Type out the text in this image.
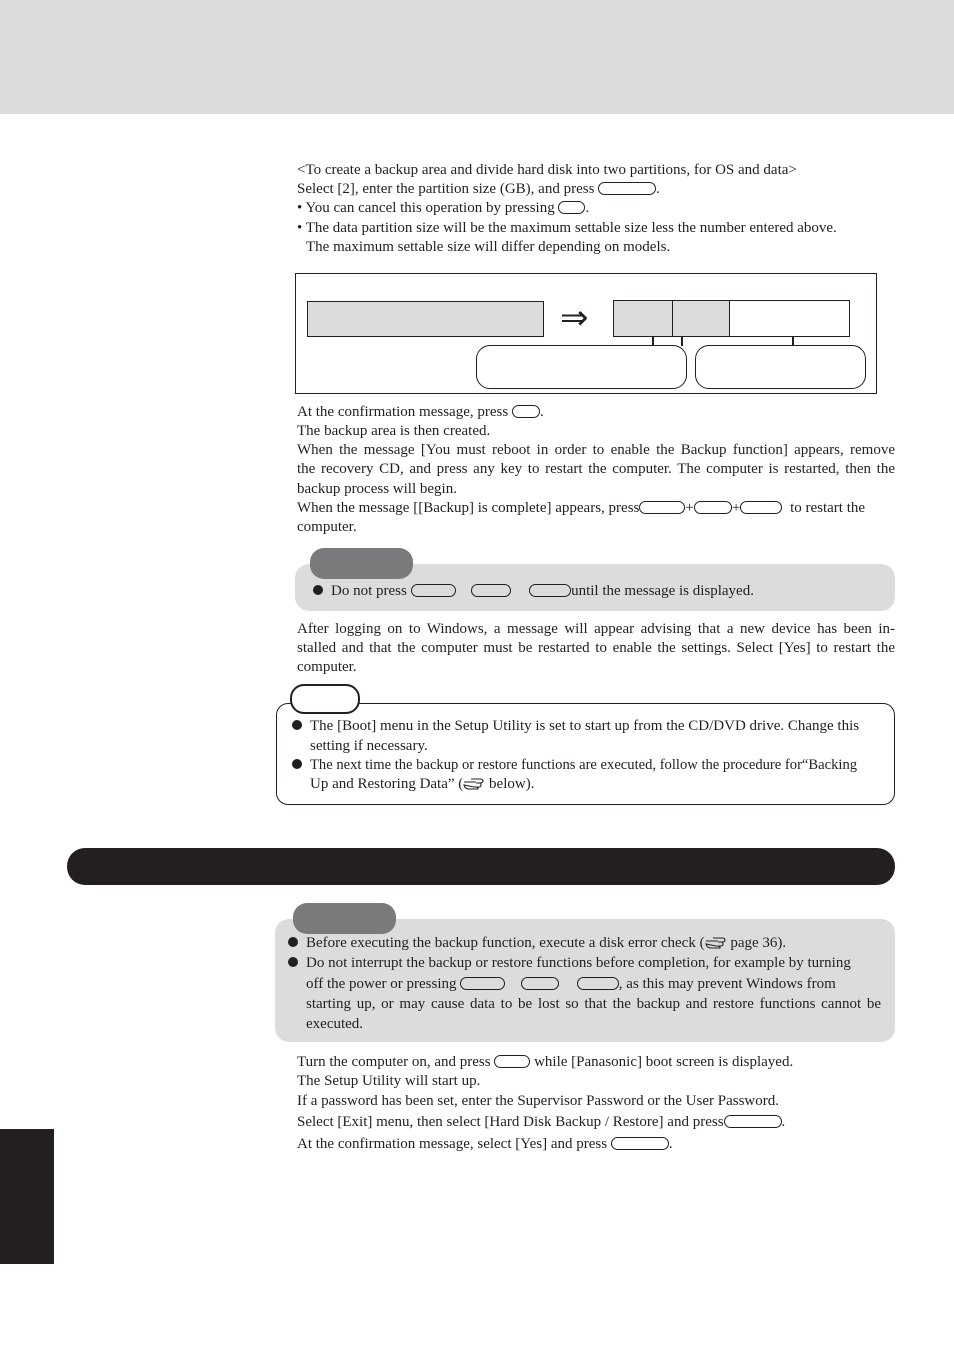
<To create a backup area and divide hard disk into two partitions, for OS and data>
Select [2], enter the partition size (GB), and press	.
• You can cancel this operation by pressing .
• The data partition size will be the maximum settable size less the number entered above.
The maximum settable size will differ depending on models.
⇒
At the confirmation message, press .
The backup area is then created.
When the message [You must reboot in order to enable the Backup function] appears, remove
the recovery CD, and press any key to restart the computer. The computer is restarted, then the
backup process will begin.
When the message [[Backup] is complete] appears, press	+	+	to restart the
computer.
Do not press	until the message is displayed.
After logging on to Windows, a message will appear advising that a new device has been in-
stalled and that the computer must be restarted to enable the settings. Select [Yes] to restart the
computer.
The [Boot] menu in the Setup Utility is set to start up from the CD/DVD drive. Change this
setting if necessary.
The next time the backup or restore functions are executed, follow the procedure for“Backing
Up and Restoring Data” ( below).
Before executing the backup function, execute a disk error check ( page 36).
Do not interrupt the backup or restore functions before completion, for example by turning
off the power or pressing	, as this may prevent Windows from
starting up, or may cause data to be lost so that the backup and restore functions cannot be
executed.
Turn the computer on, and press	while [Panasonic] boot screen is displayed.
The Setup Utility will start up.
If a password has been set, enter the Supervisor Password or the User Password.
Select [Exit] menu, then select [Hard Disk Backup / Restore] and press	.
At the confirmation message, select [Yes] and press	.
